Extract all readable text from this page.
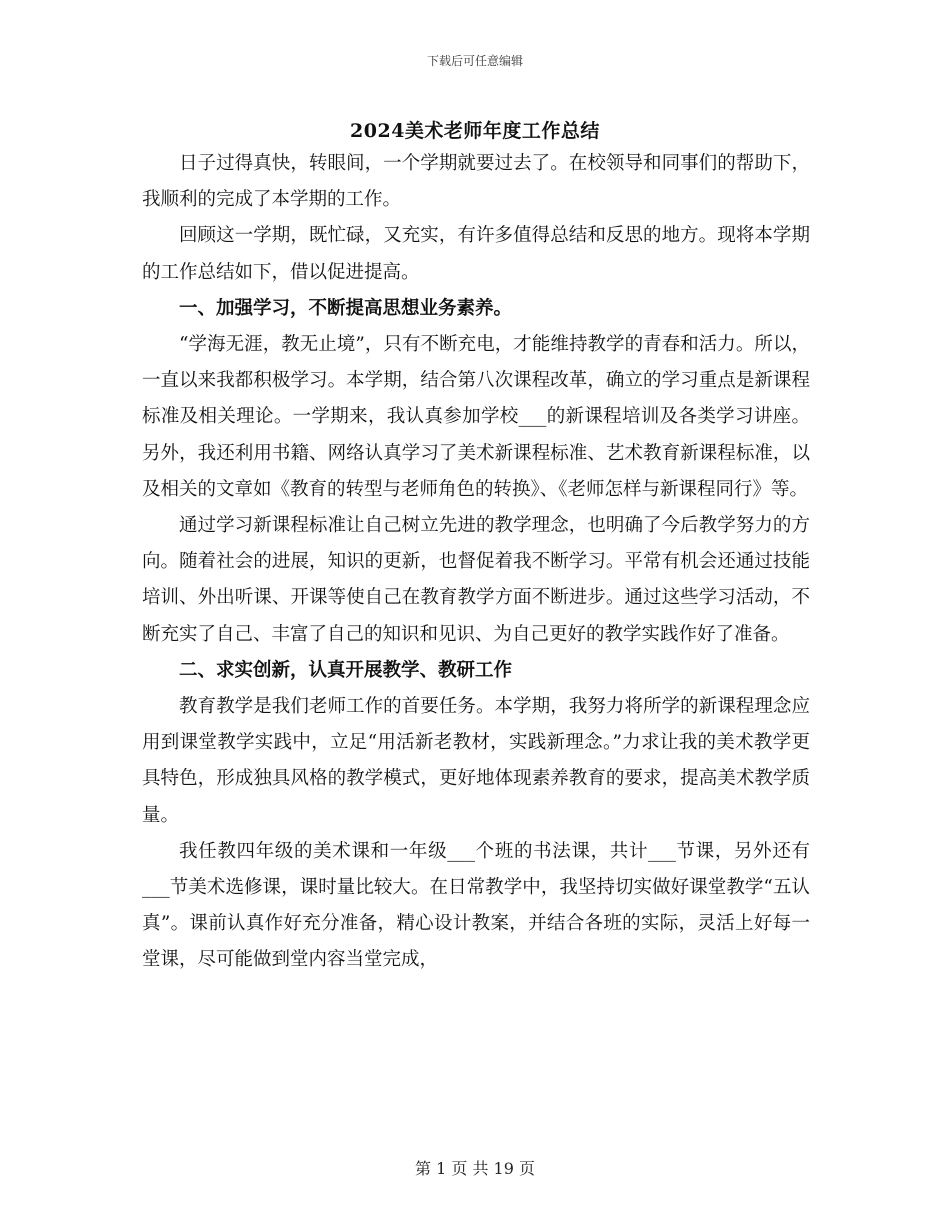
下载后可任意编辑
2024美术老师年度工作总结

日子过得真快，转眼间，一个学期就要过去了。在校领导和同事们的帮助下，我顺利的完成了本学期的工作。

回顾这一学期，既忙碌，又充实，有许多值得总结和反思的地方。现将本学期的工作总结如下，借以促进提高。

一、加强学习，不断提高思想业务素养。

“学海无涯，教无止境”，只有不断充电，才能维持教学的青春和活力。所以，一直以来我都积极学习。本学期，结合第八次课程改革，确立的学习重点是新课程标准及相关理论。一学期来，我认真参加学校___的新课程培训及各类学习讲座。另外，我还利用书籍、网络认真学习了美术新课程标准、艺术教育新课程标准，以及相关的文章如《教育的转型与老师角色的转换》、《老师怎样与新课程同行》等。

通过学习新课程标准让自己树立先进的教学理念，也明确了今后教学努力的方向。随着社会的进展，知识的更新，也督促着我不断学习。平常有机会还通过技能培训、外出听课、开课等使自己在教育教学方面不断进步。通过这些学习活动，不断充实了自己、丰富了自己的知识和见识、为自己更好的教学实践作好了准备。

二、求实创新，认真开展教学、教研工作

教育教学是我们老师工作的首要任务。本学期，我努力将所学的新课程理念应用到课堂教学实践中，立足“用活新老教材，实践新理念。”力求让我的美术教学更具特色，形成独具风格的教学模式，更好地体现素养教育的要求，提高美术教学质量。

我任教四年级的美术课和一年级___个班的书法课，共计___节课，另外还有___节美术选修课，课时量比较大。在日常教学中，我坚持切实做好课堂教学“五认真”。课前认真作好充分准备，精心设计教案，并结合各班的实际，灵活上好每一堂课，尽可能做到堂内容当堂完成，

第 1 页 共 19 页
